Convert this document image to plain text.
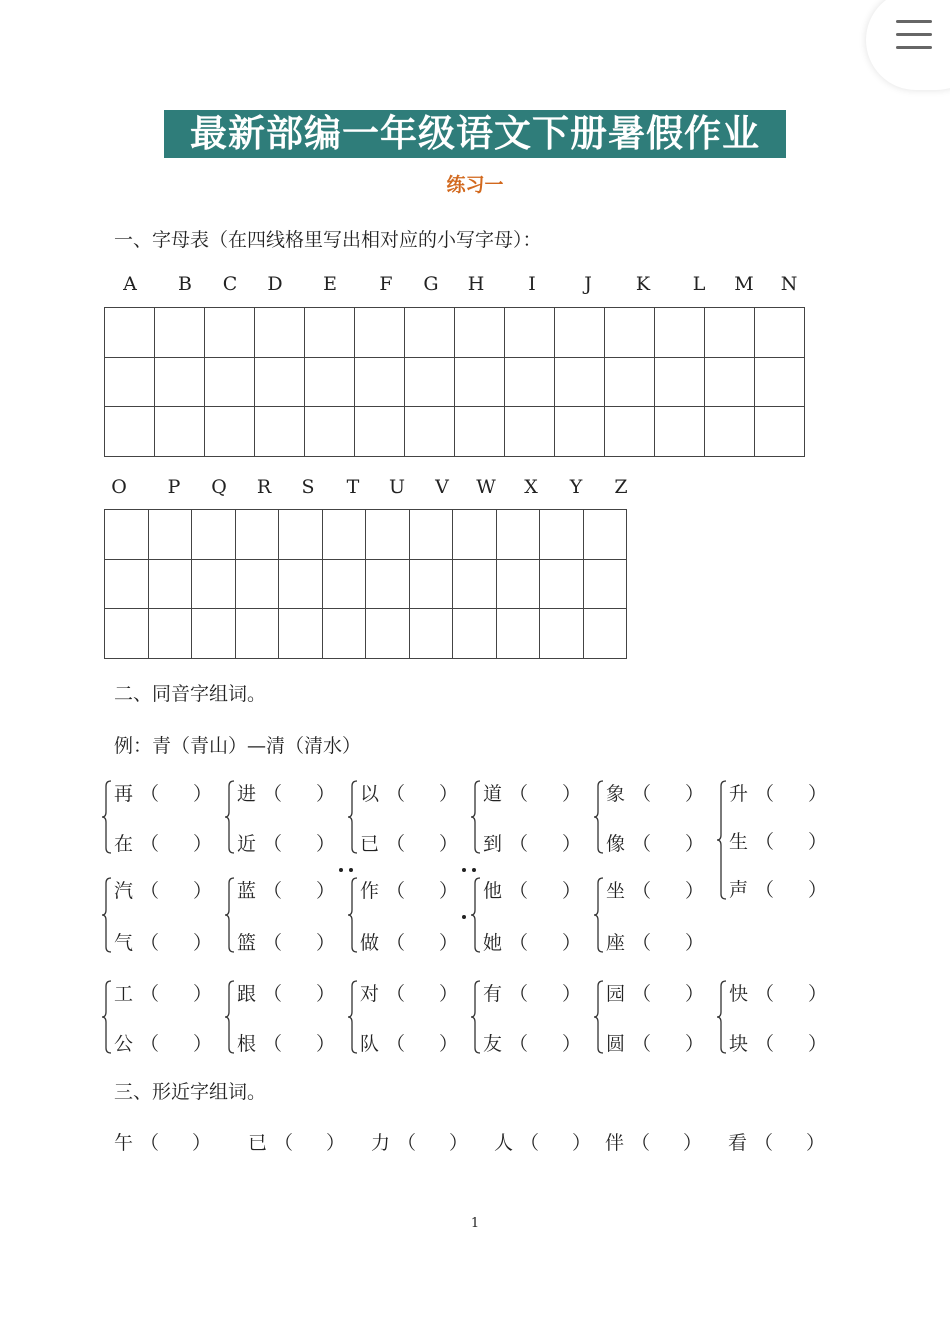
最新部编一年级语文下册暑假作业
练习一
一、字母表（在四线格里写出相对应的小写字母）：
A	B	C	D	E	F	G	H	I	J	K	L	M	N
O	P	Q	R	S	T	U	V	W	X	Y	Z
二、同音字组词。
例：青（青山）—清（清水）
再 （ ）
在 （ ）
进 （ ）
近 （ ）
以 （ ）
已 （ ）
道 （ ）
到 （ ）
象 （ ）
像 （ ）
升 （ ）
生 （ ）
声 （ ）
汽 （ ）
气 （ ）
蓝 （ ）
篮 （ ）
作 （ ）
做 （ ）
他 （ ）
她 （ ）
坐 （ ）
座 （ ）
工 （ ）
公 （ ）
跟 （ ）
根 （ ）
对 （ ）
队 （ ）
有 （ ）
友 （ ）
园 （ ）
圆 （ ）
快 （ ）
块 （ ）
三、形近字组词。
午 （ ） 已 （ ） 力 （ ） 人 （ ） 伴 （ ） 看 （ ）
1
